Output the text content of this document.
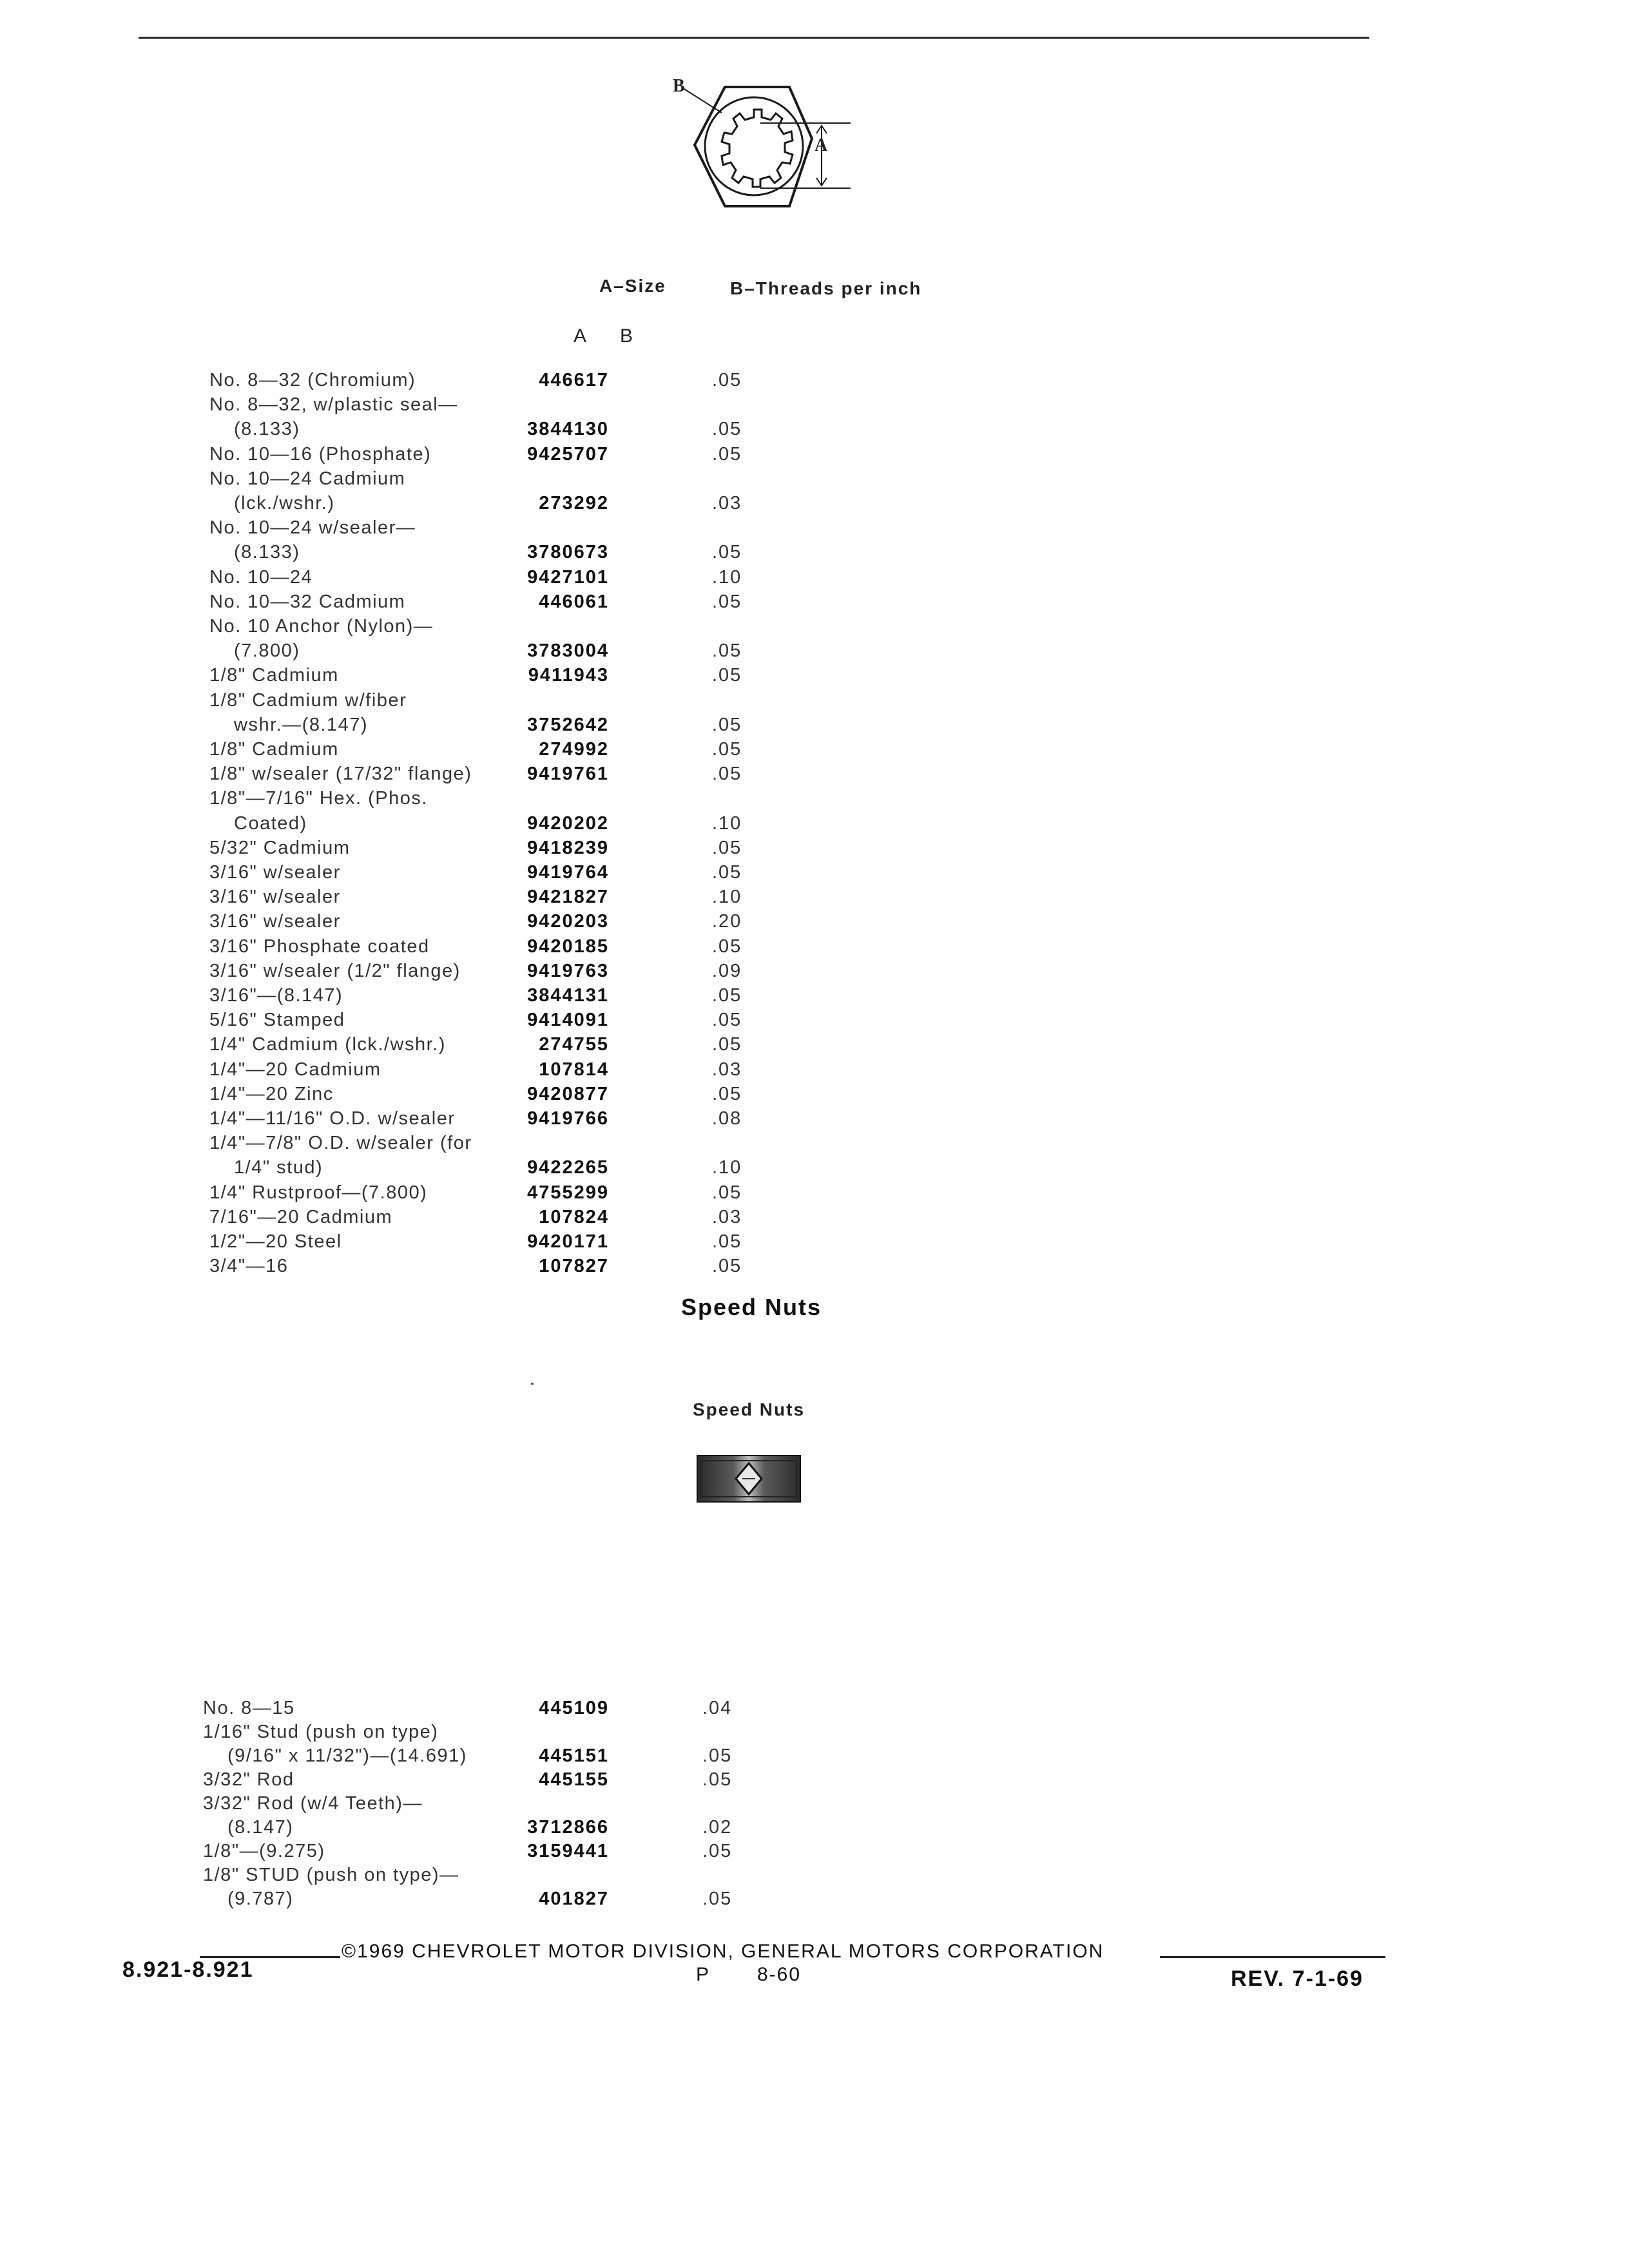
B
A
A–Size	B–Threads per inch
A B
No. 8—32 (Chromium)	446617	.05
No. 8—32, w/plastic seal—
(8.133)	3844130	.05
No. 10—16 (Phosphate)	9425707	.05
No. 10—24 Cadmium
(lck./wshr.)	273292	.03
No. 10—24 w/sealer—
(8.133)	3780673	.05
No. 10—24	9427101	.10
No. 10—32 Cadmium	446061	.05
No. 10 Anchor (Nylon)—
(7.800)	3783004	.05
1/8" Cadmium	9411943	.05
1/8" Cadmium w/fiber
wshr.—(8.147)	3752642	.05
1/8" Cadmium	274992	.05
1/8" w/sealer (17/32" flange)	9419761	.05
1/8"—7/16" Hex. (Phos.
Coated)	9420202	.10
5/32" Cadmium	9418239	.05
3/16" w/sealer	9419764	.05
3/16" w/sealer	9421827	.10
3/16" w/sealer	9420203	.20
3/16" Phosphate coated	9420185	.05
3/16" w/sealer (1/2" flange)	9419763	.09
3/16"—(8.147)	3844131	.05
5/16" Stamped	9414091	.05
1/4" Cadmium (lck./wshr.)	274755	.05
1/4"—20 Cadmium	107814	.03
1/4"—20 Zinc	9420877	.05
1/4"—11/16" O.D. w/sealer	9419766	.08
1/4"—7/8" O.D. w/sealer (for
1/4" stud)	9422265	.10
1/4" Rustproof—(7.800)	4755299	.05
7/16"—20 Cadmium	107824	.03
1/2"—20 Steel	9420171	.05
3/4"—16	107827	.05
Speed Nuts
Speed Nuts
No. 8—15	445109	.04
1/16" Stud (push on type)
(9/16" x 11/32")—(14.691)	445151	.05
3/32" Rod	445155	.05
3/32" Rod (w/4 Teeth)—
(8.147)	3712866	.02
1/8"—(9.275)	3159441	.05
1/8" STUD (push on type)—
(9.787)	401827	.05
©1969 CHEVROLET MOTOR DIVISION, GENERAL MOTORS CORPORATION
8.921-8.921	P 8-60	REV. 7-1-69
